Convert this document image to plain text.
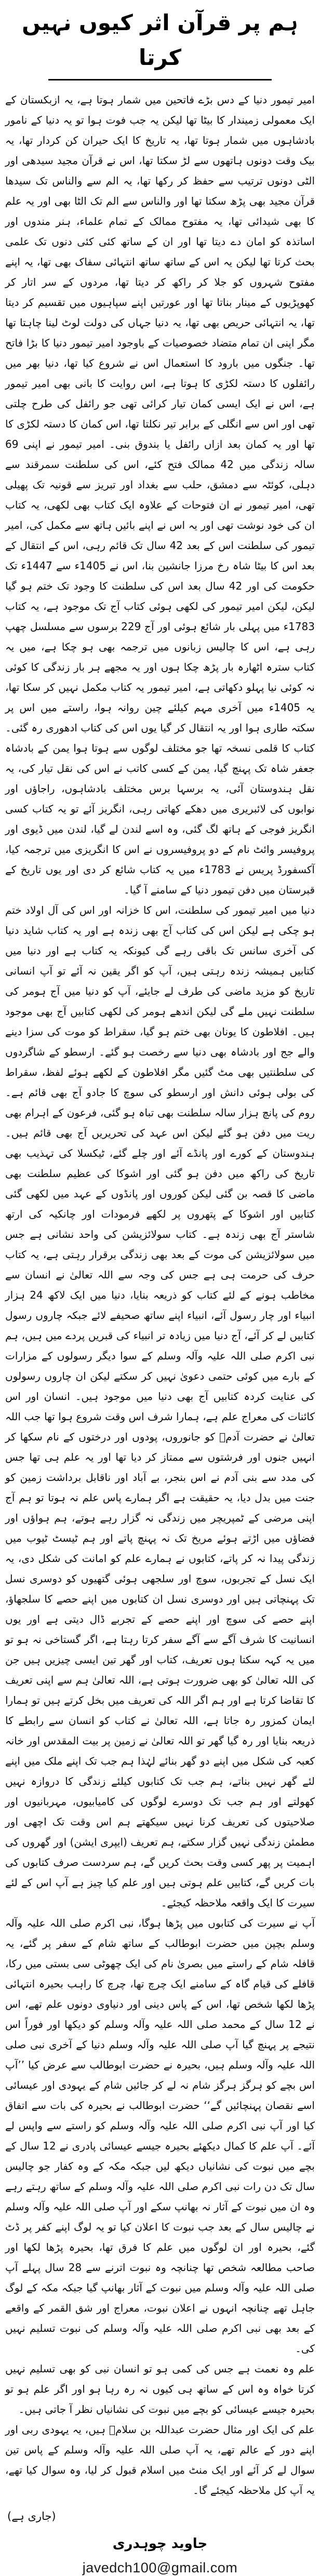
ہم پر قرآن اثر کیوں نہیں کرتا

امیر تیمور دنیا کے دس بڑے فاتحین میں شمار ہوتا ہے، یہ ازبکستان کے ایک معمولی زمیندار کا بیٹا تھا لیکن یہ جب فوت ہوا تو یہ دنیا کے نامور بادشاہوں میں شمار ہوتا تھا، یہ تاریخ کا ایک حیران کن کردار تھا، یہ بیک وقت دونوں ہاتھوں سے لڑ سکتا تھا، اس نے قرآن مجید سیدھی اور الٹی دونوں ترتیب سے حفظ کر رکھا تھا، یہ الم سے والناس تک سیدھا قرآن مجید بھی پڑھ سکتا تھا اور والناس سے الم تک الٹا بھی اور یہ علم کا بھی شیدائی تھا، یہ مفتوح ممالک کے تمام علماء، ہنر مندوں اور اساتذہ کو امان دے دیتا تھا اور ان کے ساتھ کئی کئی دنوں تک علمی بحث کرتا تھا لیکن یہ اس کے ساتھ ساتھ انتہائی سفاک بھی تھا، یہ اپنے مفتوح شہروں کو جلا کر راکھ کر دیتا تھا، مردوں کے سر اتار کر کھوپڑیوں کے مینار بناتا تھا اور عورتیں اپنے سپاہیوں میں تقسیم کر دیتا تھا، یہ انتہائی حریص بھی تھا، یہ دنیا جہاں کی دولت لوٹ لینا چاہتا تھا مگر اپنی ان تمام متضاد خصوصیات کے باوجود امیر تیمور دنیا کا بڑا فاتح تھا۔ جنگوں میں بارود کا استعمال اس نے شروع کیا تھا، دنیا بھر میں رائفلوں کا دستہ لکڑی کا ہوتا ہے، اس روایت کا بانی بھی امیر تیمور ہے، اس نے ایک ایسی کمان تیار کرائی تھی جو رائفل کی طرح چلتی تھی اور اس سے انگلی کے برابر تیر نکلتا تھا، اس کمان کا دستہ لکڑی کا تھا اور یہ کمان بعد ازاں رائفل یا بندوق بنی۔ امیر تیمور نے اپنی 69 سالہ زندگی میں 42 ممالک فتح کئے، اس کی سلطنت سمرقند سے دہلی، کوئٹہ سے دمشق، حلب سے بغداد اور تبریز سے قونیہ تک پھیلی تھی، امیر تیمور نے ان فتوحات کے علاوہ ایک کتاب بھی لکھی، یہ کتاب ان کی خود نوشت تھی اور یہ اس نے اپنے بائیں ہاتھ سے مکمل کی، امیر تیمور کی سلطنت اس کے بعد 42 سال تک قائم رہی، اس کے انتقال کے بعد اس کا بیٹا شاہ رخ مرزا جانشین بنا، اس نے 1405ء سے 1447ء تک حکومت کی اور 42 سال بعد اس کی سلطنت کا وجود تک ختم ہو گیا لیکن، لیکن امیر تیمور کی لکھی ہوئی کتاب آج تک موجود ہے، یہ کتاب 1783ء میں پہلی بار شائع ہوئی اور آج 229 برسوں سے مسلسل چھپ رہی ہے، اس کا چالیس زبانوں میں ترجمہ بھی ہو چکا ہے، میں یہ کتاب سترہ اٹھارہ بار پڑھ چکا ہوں اور یہ مجھے ہر بار زندگی کا کوئی نہ کوئی نیا پہلو دکھاتی ہے، امیر تیمور یہ کتاب مکمل نہیں کر سکا تھا، یہ 1405ء میں آخری مہم کیلئے چین روانہ ہوا، راستے میں اس پر سکتہ طاری ہوا اور یہ انتقال کر گیا یوں اس کی کتاب ادھوری رہ گئی۔ کتاب کا قلمی نسخہ تھا جو مختلف لوگوں سے ہوتا ہوا یمن کے بادشاہ جعفر شاہ تک پہنچ گیا، یمن کے کسی کاتب نے اس کی نقل تیار کی، یہ نقل ہندوستان آئی، یہ برسہا برس مختلف بادشاہوں، راجاؤں اور نوابوں کی لائبریری میں دھکے کھاتی رہی، انگریز آئے تو یہ کتاب کسی انگریز فوجی کے ہاتھ لگ گئی، وہ اسے لندن لے گیا، لندن میں ڈیوی اور پروفیسر وائٹ نام کے دو پروفیسروں نے اس کا انگریزی میں ترجمہ کیا، آکسفورڈ پریس نے 1783ء میں یہ کتاب شائع کر دی اور یوں تاریخ کے قبرستان میں دفن تیمور دنیا کے سامنے آ گیا۔

دنیا میں امیر تیمور کی سلطنت، اس کا خزانہ اور اس کی آل اولاد ختم ہو چکی ہے لیکن اس کی کتاب آج بھی زندہ ہے اور یہ کتاب شاید دنیا کی آخری سانس تک باقی رہے گی کیونکہ یہ کتاب ہے اور دنیا میں کتابیں ہمیشہ زندہ رہتی ہیں، آپ کو اگر یقین نہ آئے تو آپ انسانی تاریخ کو مزید ماضی کی طرف لے جایئے، آپ کو دنیا میں آج ہومر کی سلطنت نہیں ملے گی لیکن اندھے ہومر کی لکھی کتابیں آج بھی موجود ہیں۔ افلاطون کا یونان بھی ختم ہو گیا، سقراط کو موت کی سزا دینے والے جج اور بادشاہ بھی دنیا سے رخصت ہو گئے۔ ارسطو کے شاگردوں کی سلطنتیں بھی مٹ گئیں مگر افلاطون کے لکھے ہوئے لفظ، سقراط کی بولی ہوئی دانش اور ارسطو کی سوچ کا جادو آج بھی قائم ہے۔ روم کی پانچ ہزار سالہ سلطنت بھی تباہ ہو گئی، فرعون کے اہرام بھی ریت میں دفن ہو گئے لیکن اس عہد کی تحریریں آج بھی قائم ہیں۔ ہندوستان کے کورے اور پانڈے آئے اور چلے گئے، ٹیکسلا کی تہذیب بھی تاریخ کی راکھ میں دفن ہو گئی اور اشوکا کی عظیم سلطنت بھی ماضی کا قصہ بن گئی لیکن کوروں اور پانڈوں کے عہد میں لکھی گئی کتابیں اور اشوکا کے پتھروں پر لکھے فرمودات اور چانکیہ کی ارتھ شاستر آج بھی زندہ ہے۔ کتاب سولائزیشن کی واحد نشانی ہے جس میں سولائزیشن کی موت کے بعد بھی زندگی برقرار رہتی ہے، یہ کتاب حرف کی حرمت ہی ہے جس کی وجہ سے اللہ تعالیٰ نے انسان سے مخاطب ہونے کے لئے کتاب کو ذریعہ بنایا، دنیا میں ایک لاکھ 24 ہزار انبیاء اور چار رسول آئے، انبیاء اپنے ساتھ صحیفے لائے جبکہ چاروں رسول کتابیں لے کر آئے، آج دنیا میں زیادہ تر انبیاء کی قبریں پردے میں ہیں، ہم نبی اکرم صلی اللہ علیہ وآلہ وسلم کے سوا دیگر رسولوں کے مزارات کے بارے میں کوئی حتمی دعویٰ نہیں کر سکتے لیکن ان چاروں رسولوں کی عنایت کردہ کتابیں آج بھی دنیا میں موجود ہیں۔ انسان اور اس کائنات کی معراج علم ہے، ہمارا شرف اس وقت شروع ہوا تھا جب اللہ تعالیٰ نے حضرت آدمؑ کو جانوروں، پودوں اور درختوں کے نام سکھا کر انہیں جنوں اور فرشتوں سے ممتاز کر دیا تھا اور یہ علم ہی تھا جس کی مدد سے بنی آدم نے اس بنجر، بے آباد اور ناقابل برداشت زمین کو جنت میں بدل دیا، یہ حقیقت ہے اگر ہمارے پاس علم نہ ہوتا تو ہم آج اپنی مرضی کے ٹمپریچر میں زندگی نہ گزار رہے ہوتے، ہم ہواؤں اور فضاؤں میں اڑتے ہوئے مریخ تک نہ پہنچ پاتے اور ہم ٹیسٹ ٹیوب میں زندگی پیدا نہ کر پاتے، کتابوں نے ہمارے علم کو امانت کی شکل دی، یہ ایک نسل کے تجربوں، سوچ اور سلجھی ہوئی گتھیوں کو دوسری نسل تک پہنچاتی ہیں اور دوسری نسل ان کتابوں میں اپنے حصے کا سلجھاؤ، اپنے حصے کی سوچ اور اپنے حصے کے تجربے ڈال دیتی ہے اور یوں انسانیت کا شرف آگے سے آگے سفر کرتا رہتا ہے، اگر گستاخی نہ ہو تو میں یہ کہہ سکتا ہوں تعریف، کتاب اور گھر تین ایسی چیزیں ہیں جن کی اللہ تعالیٰ کو بھی ضرورت ہوتی ہے، اللہ تعالیٰ ہم سے اپنی تعریف کا تقاضا کرتا ہے اور ہم اگر اللہ کی تعریف میں بخل کرتے ہیں تو ہمارا ایمان کمزور رہ جاتا ہے، اللہ تعالیٰ نے کتاب کو انسان سے رابطے کا ذریعہ بنایا اور رہ گیا گھر تو اللہ تعالیٰ نے زمین پر بیت المقدس اور خانہ کعبہ کی شکل میں اپنے دو گھر بنائے لہٰذا ہم جب تک اپنے ملک میں اپنے لئے گھر نہیں بناتے، ہم جب تک کتابوں کیلئے زندگی کا دروازہ نہیں کھولتے اور ہم جب تک دوسرے لوگوں کی کامیابیوں، مہربانیوں اور صلاحیتوں کی تعریف کرنا نہیں سیکھتے ہم اس وقت تک اچھی اور مطمئن زندگی نہیں گزار سکتے، ہم تعریف (ایپری ایشن) اور گھروں کی اہمیت پر پھر کسی وقت بحث کریں گے، ہم سردست صرف کتابوں کی بات کریں گے، کتابیں علم ہوتی ہیں اور علم کیا چیز ہے آپ اس کے لئے سیرت کا ایک واقعہ ملاحظہ کیجئے۔

آپ نے سیرت کی کتابوں میں پڑھا ہوگا، نبی اکرم صلی اللہ علیہ وآلہ وسلم بچپن میں حضرت ابوطالب کے ساتھ شام کے سفر پر گئے، یہ قافلہ شام کے راستے میں بصریٰ نام کی ایک چھوٹی سی بستی میں رکا، قافلے کی قیام گاہ کے سامنے ایک چرچ تھا، چرچ کا راہب بحیرہ انتہائی پڑھا لکھا شخص تھا، اس کے پاس دینی اور دنیاوی دونوں علم تھے، اس نے 12 سال کے محمد صلی اللہ علیہ وآلہ وسلم کو دیکھا اور فوراً اس نتیجے پر پہنچ گیا آپ صلی اللہ علیہ وآلہ وسلم دنیا کے آخری نبی صلی اللہ علیہ وآلہ وسلم ہیں، بحیرہ نے حضرت ابوطالب سے عرض کیا ’’آپ اس بچے کو ہرگز ہرگز شام نہ لے کر جائیں شام کے یہودی اور عیسائی اسے نقصان پہنچائیں گے‘‘ حضرت ابوطالب نے بحیرہ کی بات سے اتفاق کیا اور آپ نبی اکرم صلی اللہ علیہ وآلہ وسلم کو راستے سے واپس لے آئے۔ آپ علم کا کمال دیکھئے بحیرہ جیسے عیسائی پادری نے 12 سال کے بچے میں نبوت کی نشانیاں دیکھ لیں جبکہ مکہ کے وہ کفار جو چالیس سال تک دن رات نبی اکرم صلی اللہ علیہ وآلہ وسلم کے ساتھ رہتے رہے وہ ان میں نبوت کے آثار نہ بھانپ سکے اور آپ صلی اللہ علیہ وآلہ وسلم نے چالیس سال کے بعد جب نبوت کا اعلان کیا تو یہ لوگ اپنے کفر پر ڈٹ گئے، بحیرہ اور ان لوگوں میں علم کا فرق تھا، بحیرہ پڑھا لکھا اور صاحب مطالعہ شخص تھا چنانچہ وہ نبوت اترنے سے 28 سال پہلے آپ صلی اللہ علیہ وآلہ وسلم میں نبوت کے آثار بھانپ گیا جبکہ مکہ کے لوگ جاہل تھے چنانچہ انہوں نے اعلان نبوت، معراج اور شق القمر کے واقعے کے بعد بھی نبی اکرم صلی اللہ علیہ وآلہ وسلم کی نبوت تسلیم نہیں کی۔

علم وہ نعمت ہے جس کی کمی ہو تو انسان نبی کو بھی تسلیم نہیں کرتا خواہ وہ اس کے ساتھ ہی کیوں نہ رہ رہا ہو اور اگر علم ہو تو بحیرہ جیسے عیسائی کو بچے میں نبوت کی نشانیاں نظر آ جاتی ہیں۔

علم کی ایک اور مثال حضرت عبداللہ بن سلامؓ ہیں، یہ یہودی ربی اور اپنے دور کے عالم تھے، یہ آپ صلی اللہ علیہ وآلہ وسلم کے پاس تین سوال لے کر آئے اور ایک منٹ میں اسلام قبول کر لیا، وہ سوال کیا تھے، یہ آپ کل ملاحظہ کیجئے گا۔

(جاری ہے)
جاوید چوہدری
javedch100@gmail.com
